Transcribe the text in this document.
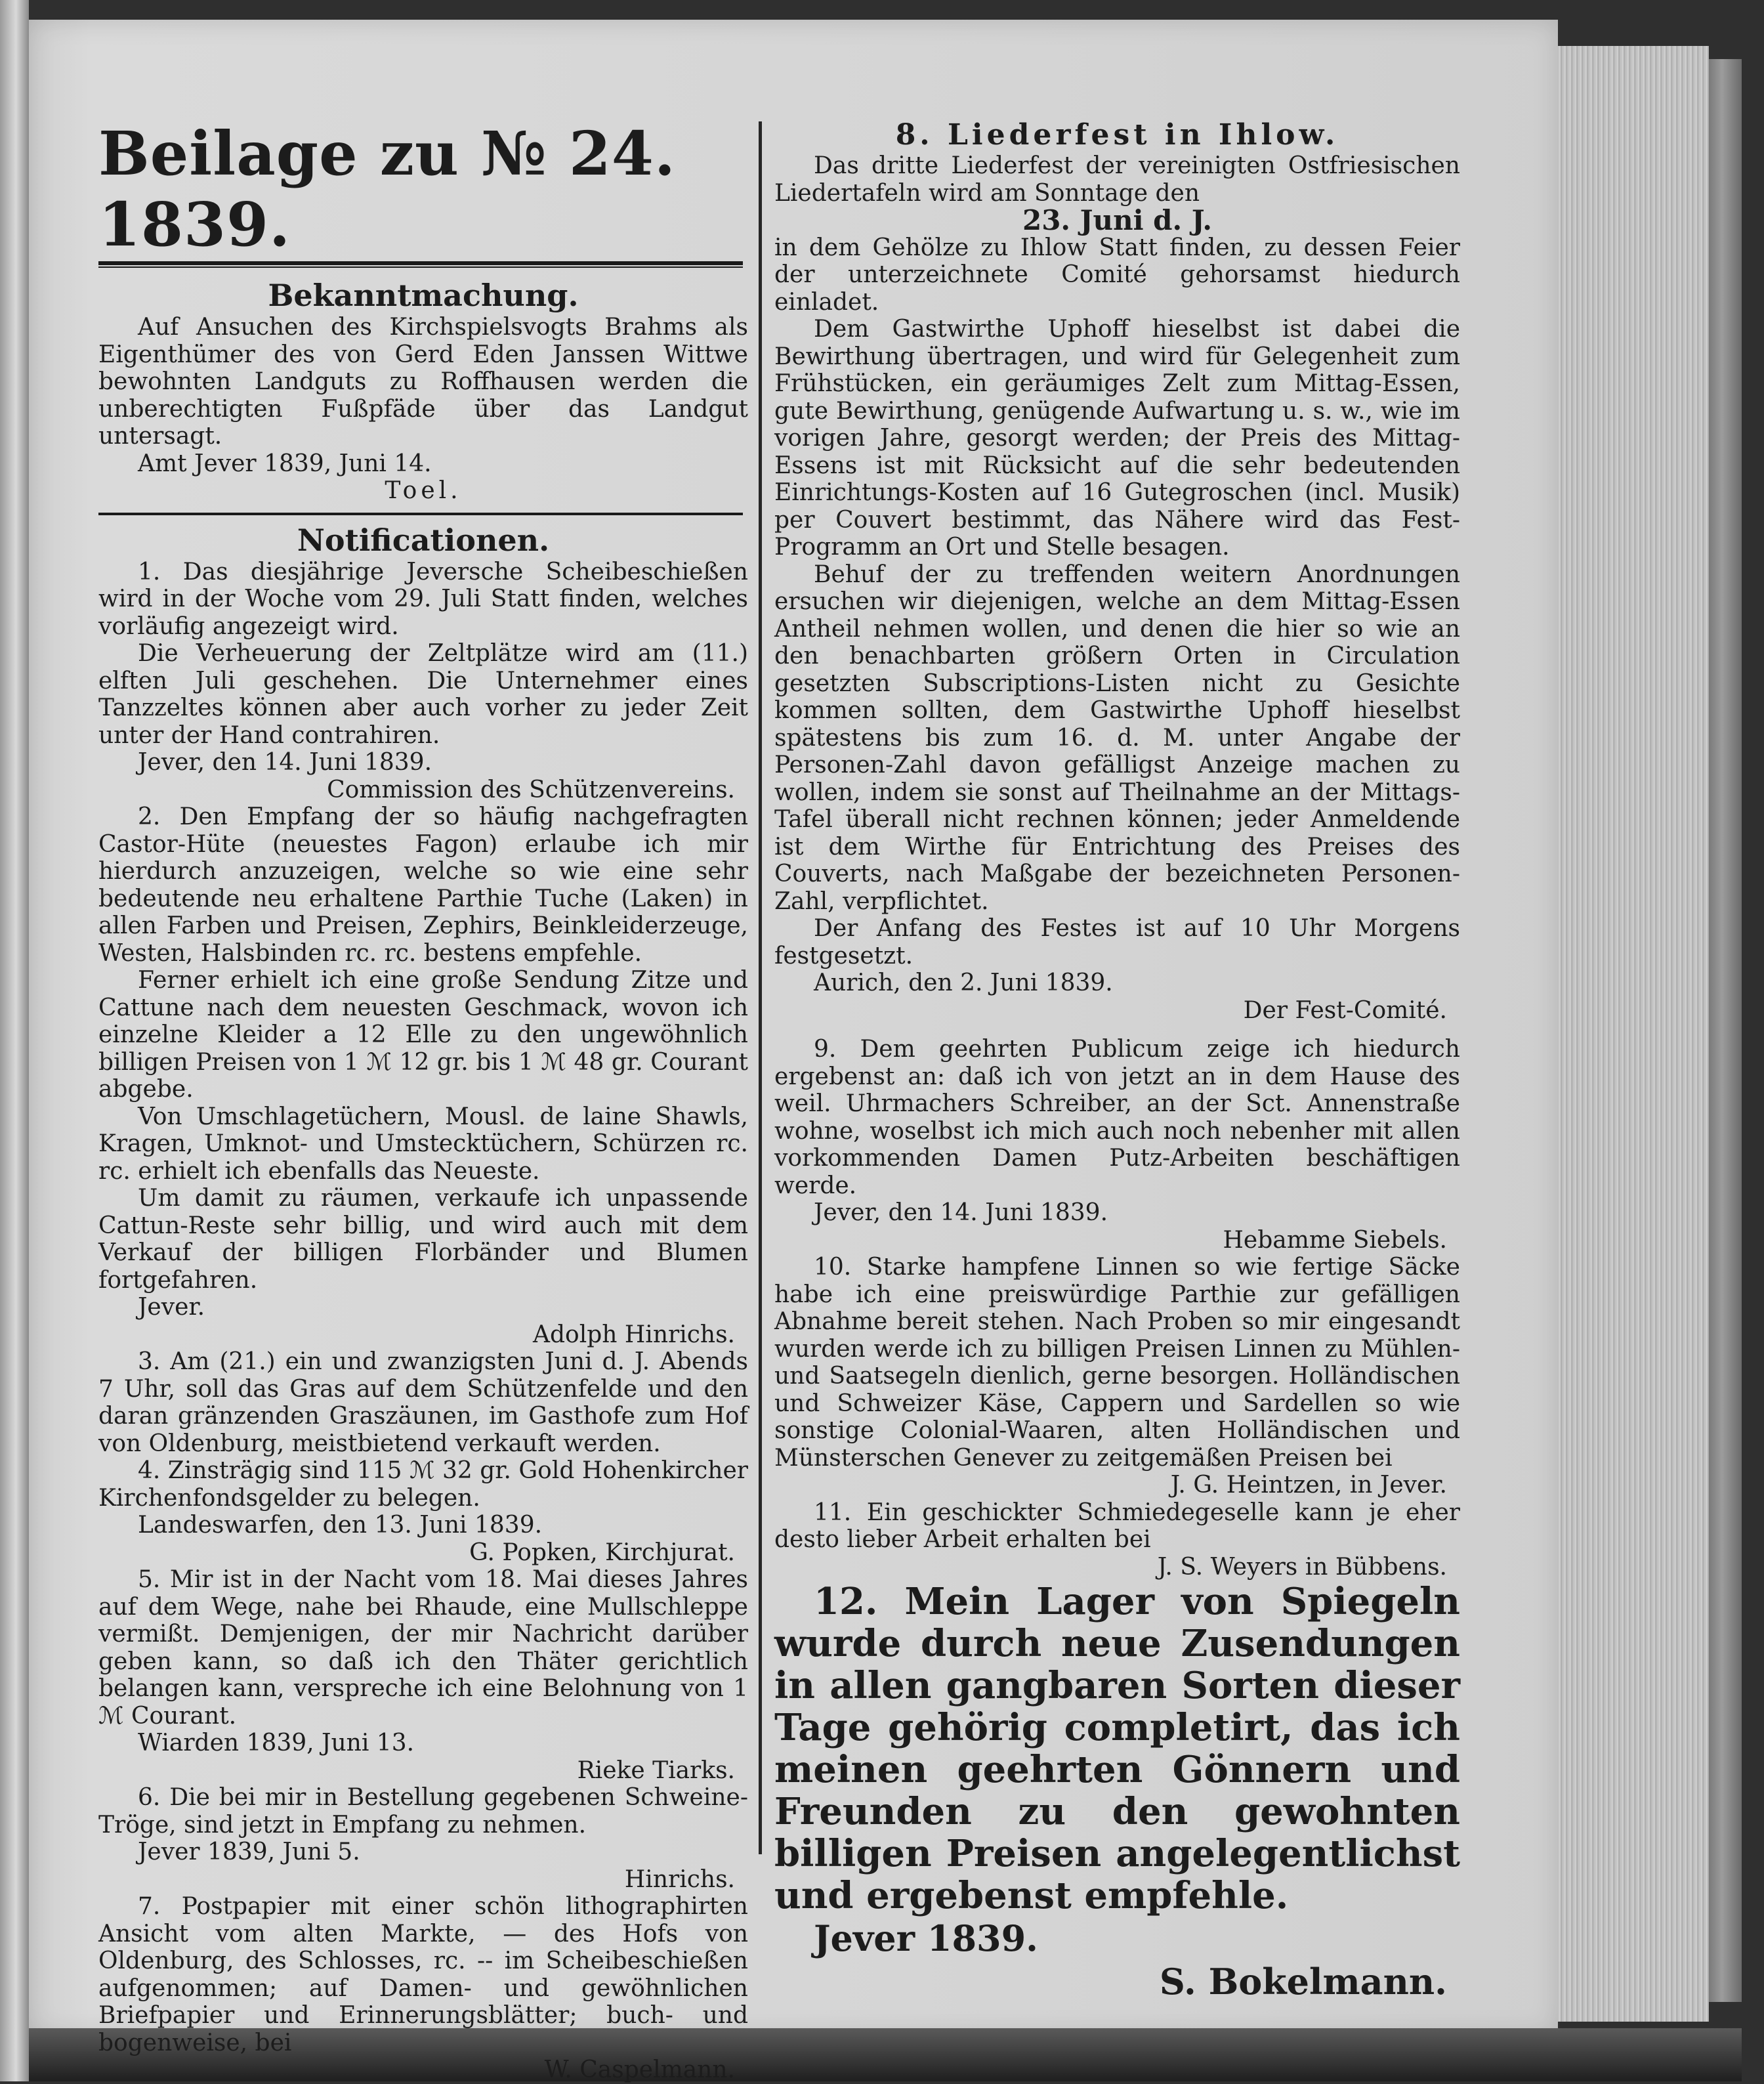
Beilage zu № 24. 1839.

Bekanntmachung.

Auf Ansuchen des Kirchspielsvogts Brahms als Eigenthümer des von Gerd Eden Janssen Wittwe bewohnten Landguts zu Roffhausen werden die unberechtigten Fußpfäde über das Landgut untersagt.

Amt Jever 1839, Juni 14.

Toel.

Notificationen.

1. Das diesjährige Jeversche Scheibeschießen wird in der Woche vom 29. Juli Statt finden, welches vorläufig angezeigt wird.

Die Verheuerung der Zeltplätze wird am (11.) elften Juli geschehen. Die Unternehmer eines Tanzzeltes können aber auch vorher zu jeder Zeit unter der Hand contrahiren.

Jever, den 14. Juni 1839.

Commission des Schützenvereins.

2. Den Empfang der so häufig nachgefragten Castor-Hüte (neuestes Fagon) erlaube ich mir hierdurch anzuzeigen, welche so wie eine sehr bedeutende neu erhaltene Parthie Tuche (Laken) in allen Farben und Preisen, Zephirs, Beinkleiderzeuge, Westen, Halsbinden rc. rc. bestens empfehle.

Ferner erhielt ich eine große Sendung Zitze und Cattune nach dem neuesten Geschmack, wovon ich einzelne Kleider a 12 Elle zu den ungewöhnlich billigen Preisen von 1 ℳ 12 gr. bis 1 ℳ 48 gr. Courant abgebe.

Von Umschlagetüchern, Mousl. de laine Shawls, Kragen, Umknot- und Umstecktüchern, Schürzen rc. rc. erhielt ich ebenfalls das Neueste.

Um damit zu räumen, verkaufe ich unpassende Cattun-Reste sehr billig, und wird auch mit dem Verkauf der billigen Florbänder und Blumen fortgefahren.

Jever.

Adolph Hinrichs.

3. Am (21.) ein und zwanzigsten Juni d. J. Abends 7 Uhr, soll das Gras auf dem Schützenfelde und den daran gränzenden Graszäunen, im Gasthofe zum Hof von Oldenburg, meistbietend verkauft werden.

4. Zinsträgig sind 115 ℳ 32 gr. Gold Hohenkircher Kirchenfondsgelder zu belegen.

Landeswarfen, den 13. Juni 1839.

G. Popken, Kirchjurat.

5. Mir ist in der Nacht vom 18. Mai dieses Jahres auf dem Wege, nahe bei Rhaude, eine Mullschleppe vermißt. Demjenigen, der mir Nachricht darüber geben kann, so daß ich den Thäter gerichtlich belangen kann, verspreche ich eine Belohnung von 1 ℳ Courant.

Wiarden 1839, Juni 13.

Rieke Tiarks.

6. Die bei mir in Bestellung gegebenen Schweine-Tröge, sind jetzt in Empfang zu nehmen.

Jever 1839, Juni 5.

Hinrichs.

7. Postpapier mit einer schön lithographirten Ansicht vom alten Markte, — des Hofs von Oldenburg, des Schlosses, rc. -- im Scheibeschießen aufgenommen; auf Damen- und gewöhnlichen Briefpapier und Erinnerungsblätter; buch- und bogenweise, bei

W. Caspelmann.

8. Liederfest in Ihlow.

Das dritte Liederfest der vereinigten Ostfriesischen Liedertafeln wird am Sonntage den

23. Juni d. J.

in dem Gehölze zu Ihlow Statt finden, zu dessen Feier der unterzeichnete Comité gehorsamst hiedurch einladet.

Dem Gastwirthe Uphoff hieselbst ist dabei die Bewirthung übertragen, und wird für Gelegenheit zum Frühstücken, ein geräumiges Zelt zum Mittag-Essen, gute Bewirthung, genügende Aufwartung u. s. w., wie im vorigen Jahre, gesorgt werden; der Preis des Mittag-Essens ist mit Rücksicht auf die sehr bedeutenden Einrichtungs-Kosten auf 16 Gutegroschen (incl. Musik) per Couvert bestimmt, das Nähere wird das Fest-Programm an Ort und Stelle besagen.

Behuf der zu treffenden weitern Anordnungen ersuchen wir diejenigen, welche an dem Mittag-Essen Antheil nehmen wollen, und denen die hier so wie an den benachbarten größern Orten in Circulation gesetzten Subscriptions-Listen nicht zu Gesichte kommen sollten, dem Gastwirthe Uphoff hieselbst spätestens bis zum 16. d. M. unter Angabe der Personen-Zahl davon gefälligst Anzeige machen zu wollen, indem sie sonst auf Theilnahme an der Mittags-Tafel überall nicht rechnen können; jeder Anmeldende ist dem Wirthe für Entrichtung des Preises des Couverts, nach Maßgabe der bezeichneten Personen-Zahl, verpflichtet.

Der Anfang des Festes ist auf 10 Uhr Morgens festgesetzt.

Aurich, den 2. Juni 1839.

Der Fest-Comité.

9. Dem geehrten Publicum zeige ich hiedurch ergebenst an: daß ich von jetzt an in dem Hause des weil. Uhrmachers Schreiber, an der Sct. Annenstraße wohne, woselbst ich mich auch noch nebenher mit allen vorkommenden Damen Putz-Arbeiten beschäftigen werde.

Jever, den 14. Juni 1839.

Hebamme Siebels.

10. Starke hampfene Linnen so wie fertige Säcke habe ich eine preiswürdige Parthie zur gefälligen Abnahme bereit stehen. Nach Proben so mir eingesandt wurden werde ich zu billigen Preisen Linnen zu Mühlen- und Saatsegeln dienlich, gerne besorgen. Holländischen und Schweizer Käse, Cappern und Sardellen so wie sonstige Colonial-Waaren, alten Holländischen und Münsterschen Genever zu zeitgemäßen Preisen bei

J. G. Heintzen, in Jever.

11. Ein geschickter Schmiedegeselle kann je eher desto lieber Arbeit erhalten bei

J. S. Weyers in Bübbens.

12. Mein Lager von Spiegeln wurde durch neue Zusendungen in allen gangbaren Sorten dieser Tage gehörig completirt, das ich meinen geehrten Gönnern und Freunden zu den gewohnten billigen Preisen angelegentlichst und ergebenst empfehle.

Jever 1839.

S. Bokelmann.
